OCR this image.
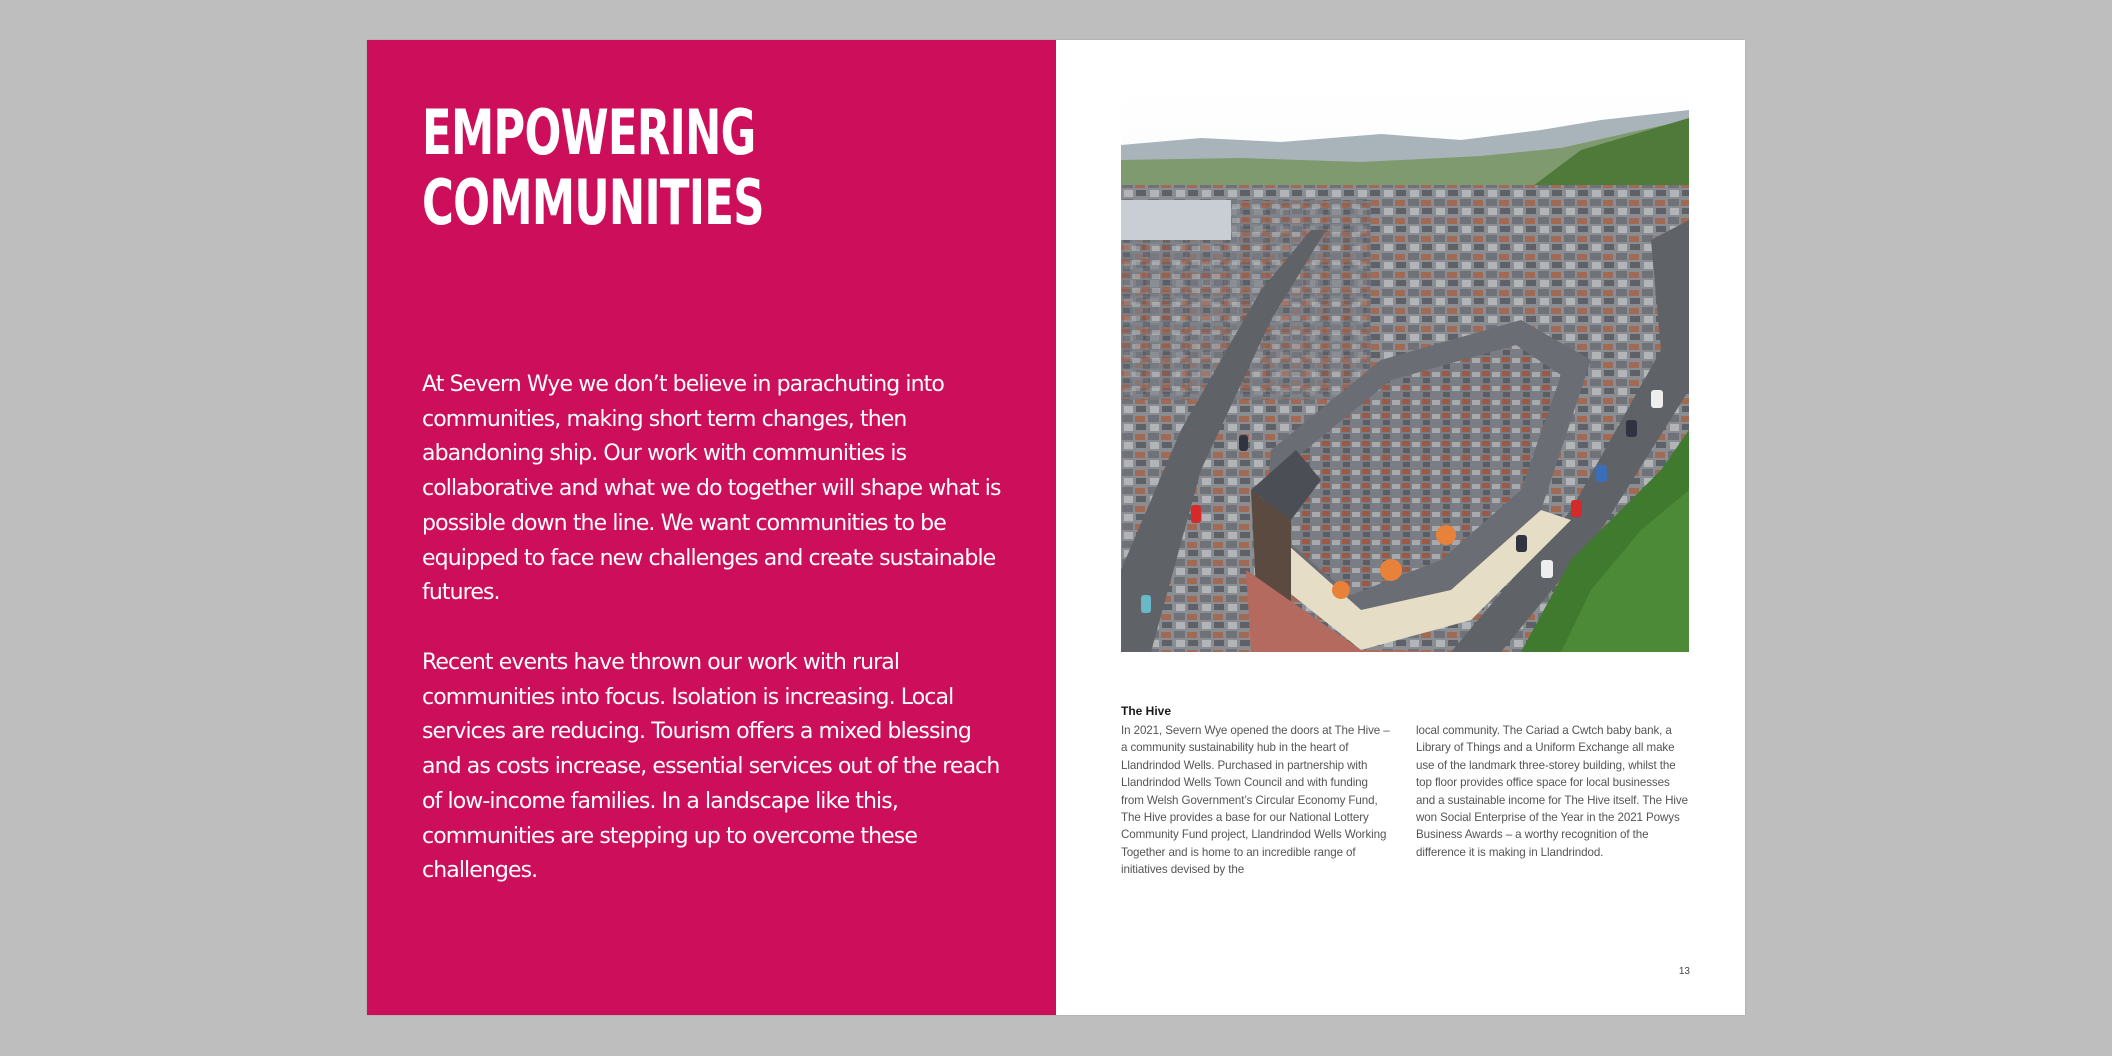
EMPOWERING
COMMUNITIES

At Severn Wye we don’t believe in parachuting into communities, making short term changes, then abandoning ship. Our work with communities is collaborative and what we do together will shape what is possible down the line. We want communities to be equipped to face new challenges and create sustainable futures.

Recent events have thrown our work with rural communities into focus. Isolation is increasing. Local services are reducing. Tourism offers a mixed blessing and as costs increase, essential services out of the reach of low-income families. In a landscape like this, communities are stepping up to overcome these challenges.

The Hive

In 2021, Severn Wye opened the doors at The Hive – a community sustainability hub in the heart of Llandrindod Wells. Purchased in partnership with Llandrindod Wells Town Council and with funding from Welsh Government’s Circular Economy Fund, The Hive provides a base for our National Lottery Community Fund project, Llandrindod Wells Working Together and is home to an incredible range of initiatives devised by the

local community. The Cariad a Cwtch baby bank, a Library of Things and a Uniform Exchange all make use of the landmark three-storey building, whilst the top floor provides office space for local businesses and a sustainable income for The Hive itself. The Hive won Social Enterprise of the Year in the 2021 Powys Business Awards – a worthy recognition of the difference it is making in Llandrindod.

13
